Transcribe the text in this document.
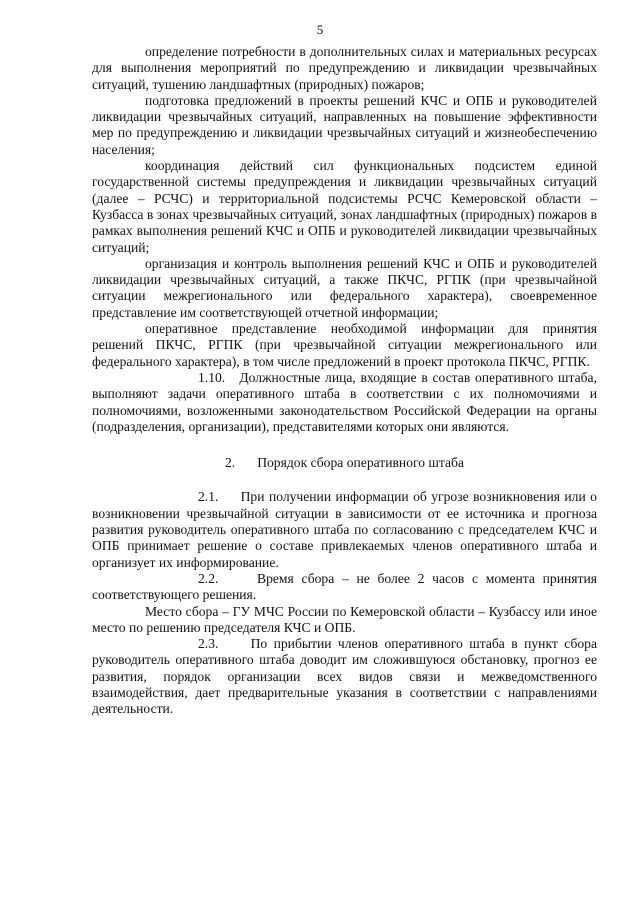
5

определение потребности в дополнительных силах и материальных ресурсах для выполнения мероприятий по предупреждению и ликвидации чрезвычайных ситуаций, тушению ландшафтных (природных) пожаров;

подготовка предложений в проекты решений КЧС и ОПБ и руководителей ликвидации чрезвычайных ситуаций, направленных на повышение эффективности мер по предупреждению и ликвидации чрезвычайных ситуаций и жизнеобеспечению населения;

координация действий сил функциональных подсистем единой государственной системы предупреждения и ликвидации чрезвычайных ситуаций (далее – РСЧС) и территориальной подсистемы РСЧС Кемеровской области – Кузбасса в зонах чрезвычайных ситуаций, зонах ландшафтных (природных) пожаров в рамках выполнения решений КЧС и ОПБ и руководителей ликвидации чрезвычайных ситуаций;

организация и контроль выполнения решений КЧС и ОПБ и руководителей ликвидации чрезвычайных ситуаций, а также ПКЧС, РГПК (при чрезвычайной ситуации межрегионального или федерального характера), своевременное представление им соответствующей отчетной информации;

оперативное представление необходимой информации для принятия решений ПКЧС, РГПК (при чрезвычайной ситуации межрегионального или федерального характера), в том числе предложений в проект протокола ПКЧС, РГПК.

1.10. Должностные лица, входящие в состав оперативного штаба, выполняют задачи оперативного штаба в соответствии с их полномочиями и полномочиями, возложенными законодательством Российской Федерации на органы (подразделения, организации), представителями которых они являются.

2. Порядок сбора оперативного штаба

2.1. При получении информации об угрозе возникновения или о возникновении чрезвычайной ситуации в зависимости от ее источника и прогноза развития руководитель оперативного штаба по согласованию с председателем КЧС и ОПБ принимает решение о составе привлекаемых членов оперативного штаба и организует их информирование.

2.2.	Время сбора – не более 2 часов с момента принятия соответствующего решения.

Место сбора – ГУ МЧС России по Кемеровской области – Кузбассу или иное место по решению председателя КЧС и ОПБ.

2.3. По прибытии членов оперативного штаба в пункт сбора руководитель оперативного штаба доводит им сложившуюся обстановку, прогноз ее развития, порядок организации всех видов связи и межведомственного взаимодействия, дает предварительные указания в соответствии с направлениями деятельности.
